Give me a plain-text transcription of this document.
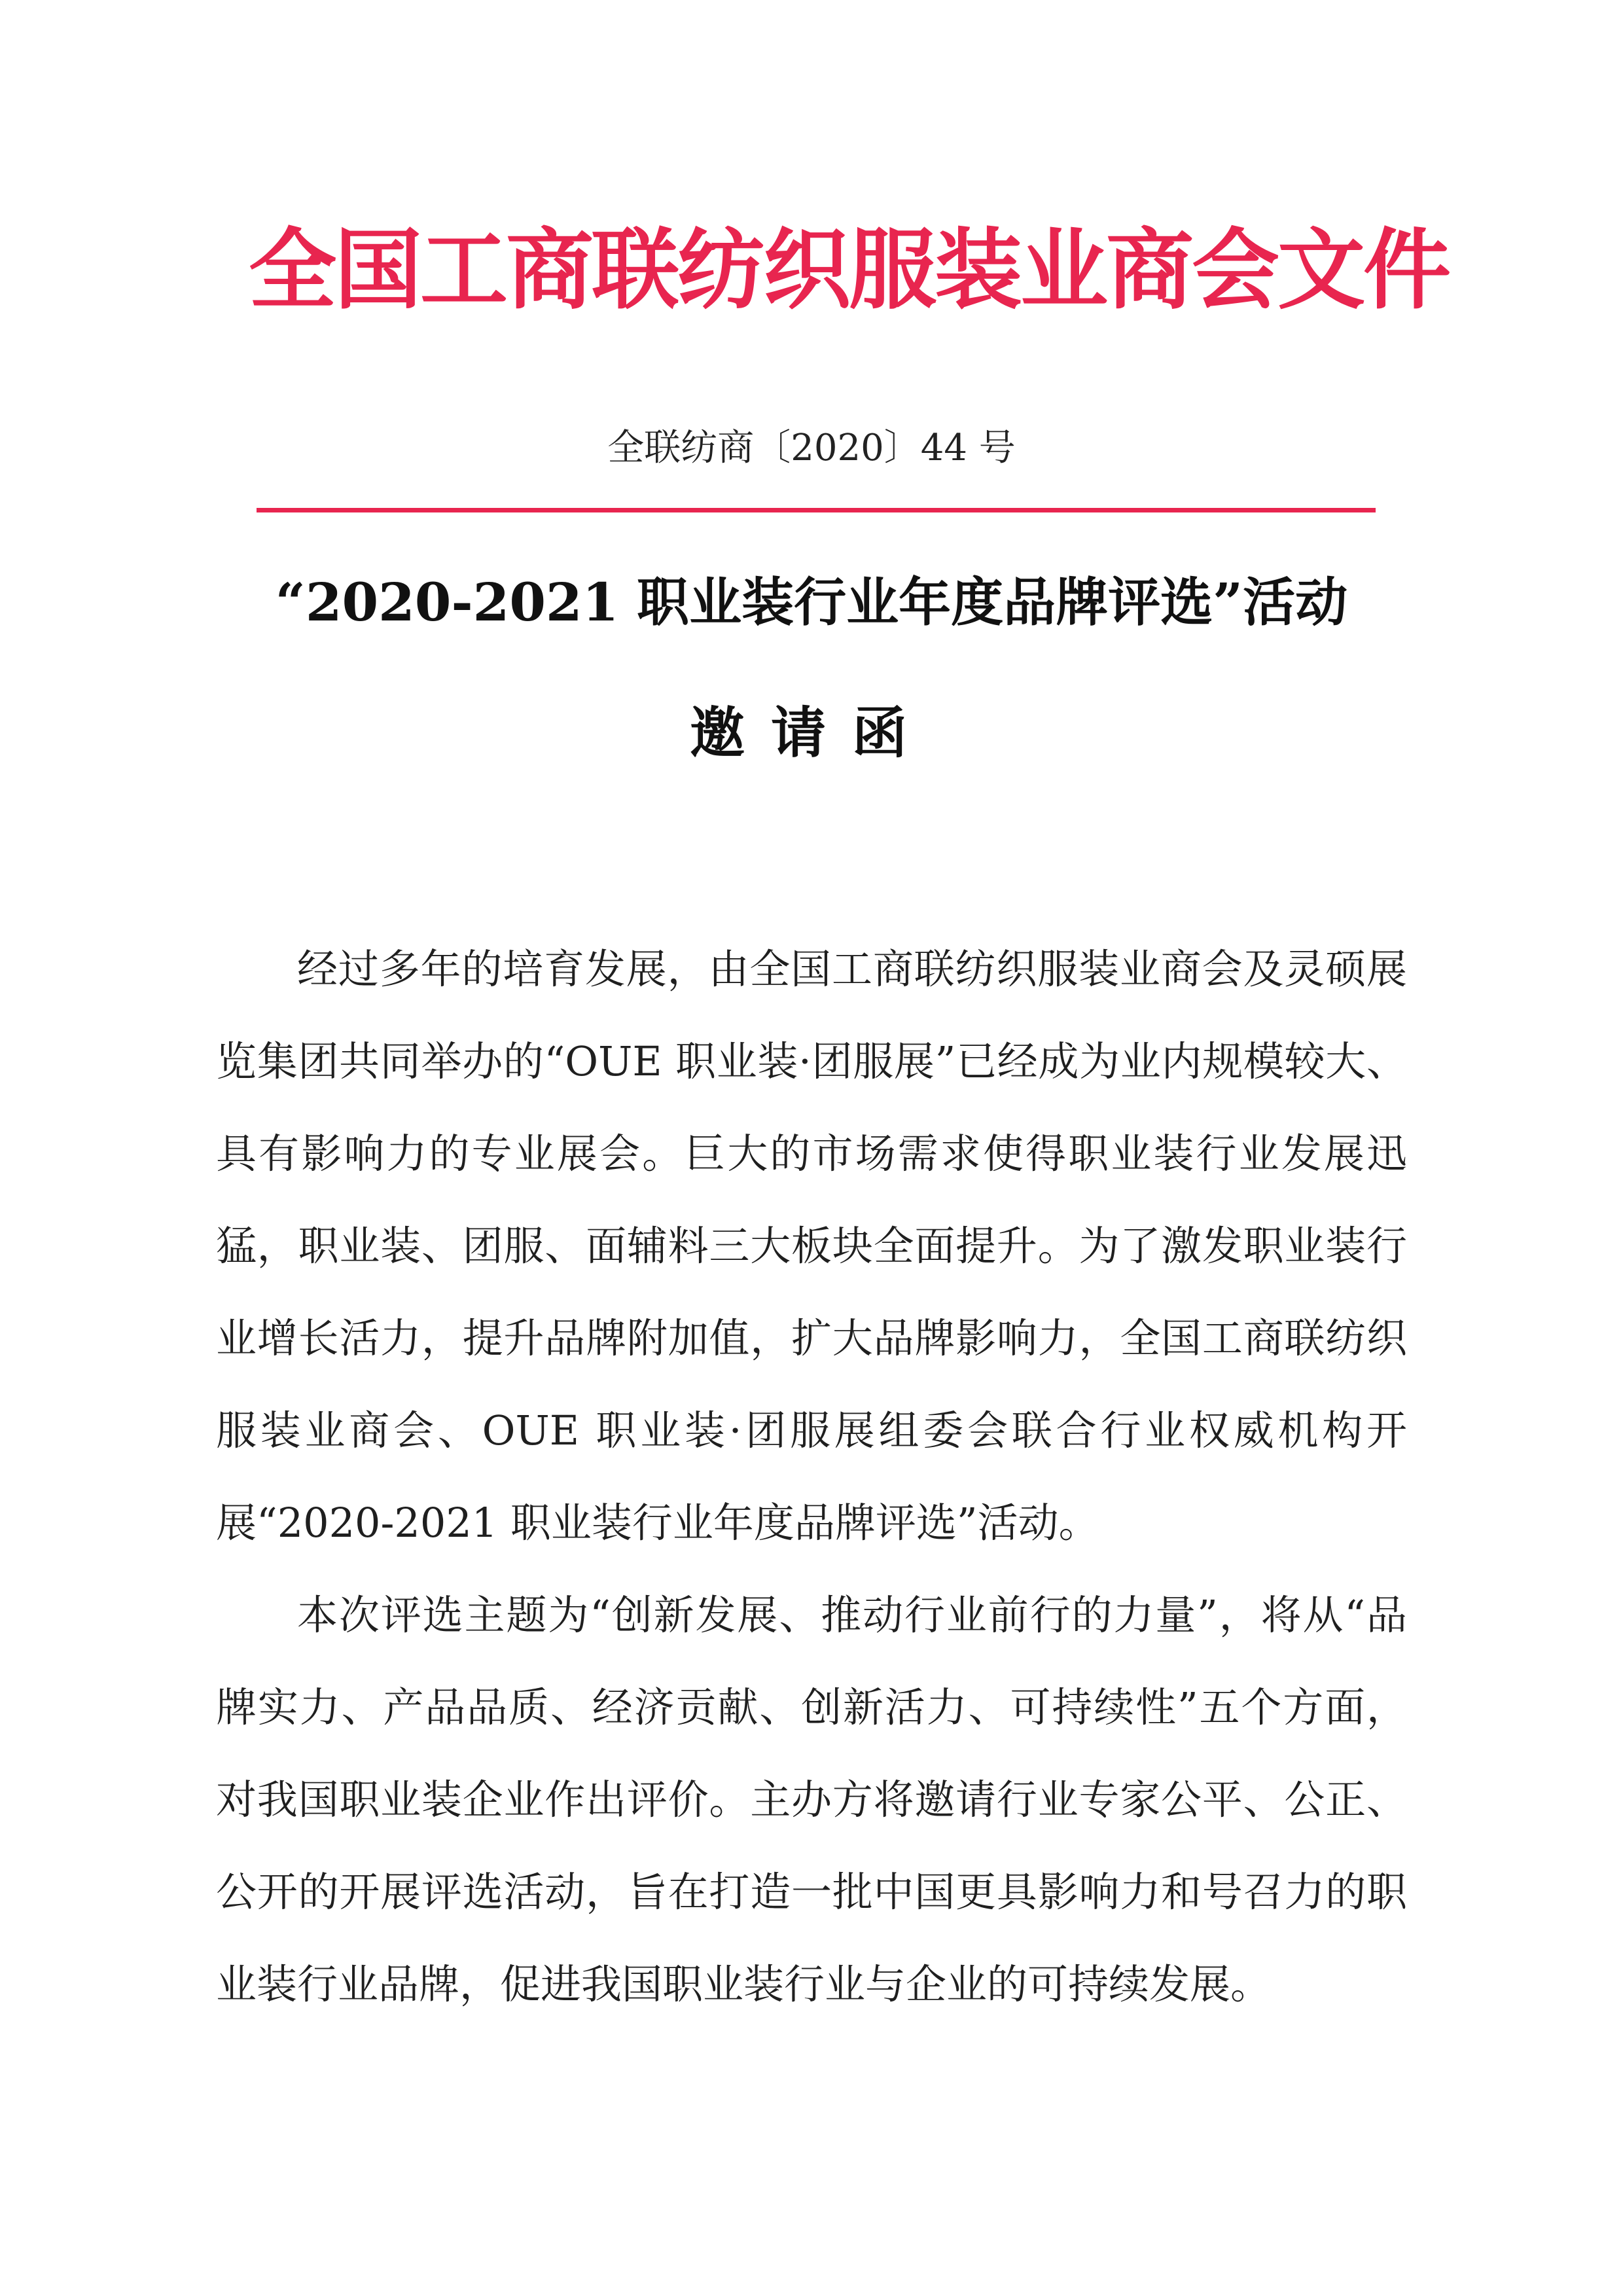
全国工商联纺织服装业商会文件
全联纺商〔2020〕44 号
“2020-2021 职业装行业年度品牌评选”活动
邀请函

经过多年的培育发展，由全国工商联纺织服装业商会及灵硕展览集团共同举办的“OUE 职业装·团服展”已经成为业内规模较大、具有影响力的专业展会。巨大的市场需求使得职业装行业发展迅猛，职业装、团服、面辅料三大板块全面提升。为了激发职业装行业增长活力，提升品牌附加值，扩大品牌影响力，全国工商联纺织服装业商会、OUE 职业装·团服展组委会联合行业权威机构开展“2020-2021 职业装行业年度品牌评选”活动。

本次评选主题为“创新发展、推动行业前行的力量”，将从“品牌实力、产品品质、经济贡献、创新活力、可持续性”五个方面，对我国职业装企业作出评价。主办方将邀请行业专家公平、公正、公开的开展评选活动，旨在打造一批中国更具影响力和号召力的职业装行业品牌，促进我国职业装行业与企业的可持续发展。
